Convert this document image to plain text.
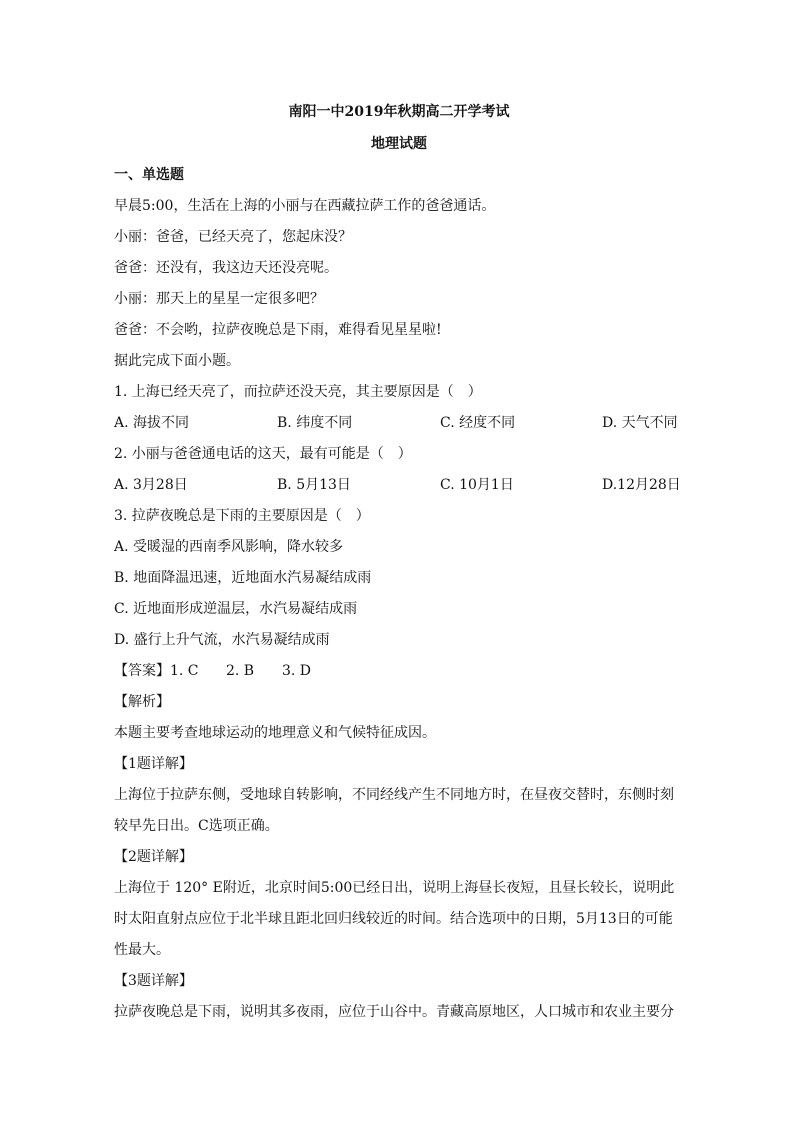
南阳一中2019年秋期高二开学考试
地理试题
一、单选题
早晨5:00，生活在上海的小丽与在西藏拉萨工作的爸爸通话。
小丽：爸爸，已经天亮了，您起床没？
爸爸：还没有，我这边天还没亮呢。
小丽：那天上的星星一定很多吧？
爸爸：不会哟，拉萨夜晚总是下雨，难得看见星星啦!
据此完成下面小题。
1. 上海已经天亮了，而拉萨还没天亮，其主要原因是（　）
A. 海拔不同	B. 纬度不同	C. 经度不同	D. 天气不同
2. 小丽与爸爸通电话的这天，最有可能是（　）
A. 3月28日	B. 5月13日	C. 10月1日	D.12月28日
3. 拉萨夜晚总是下雨的主要原因是（　）
A. 受暖湿的西南季风影响，降水较多
B. 地面降温迅速，近地面水汽易凝结成雨
C. 近地面形成逆温层，水汽易凝结成雨
D. 盛行上升气流，水汽易凝结成雨
【答案】1. C 2. B 3. D
【解析】
本题主要考查地球运动的地理意义和气候特征成因。
【1题详解】
上海位于拉萨东侧，受地球自转影响，不同经线产生不同地方时，在昼夜交替时，东侧时刻
较早先日出。C选项正确。
【2题详解】
上海位于 120° E附近，北京时间5:00已经日出，说明上海昼长夜短，且昼长较长，说明此
时太阳直射点应位于北半球且距北回归线较近的时间。结合选项中的日期，5月13日的可能
性最大。
【3题详解】
拉萨夜晚总是下雨，说明其多夜雨，应位于山谷中。青藏高原地区，人口城市和农业主要分
